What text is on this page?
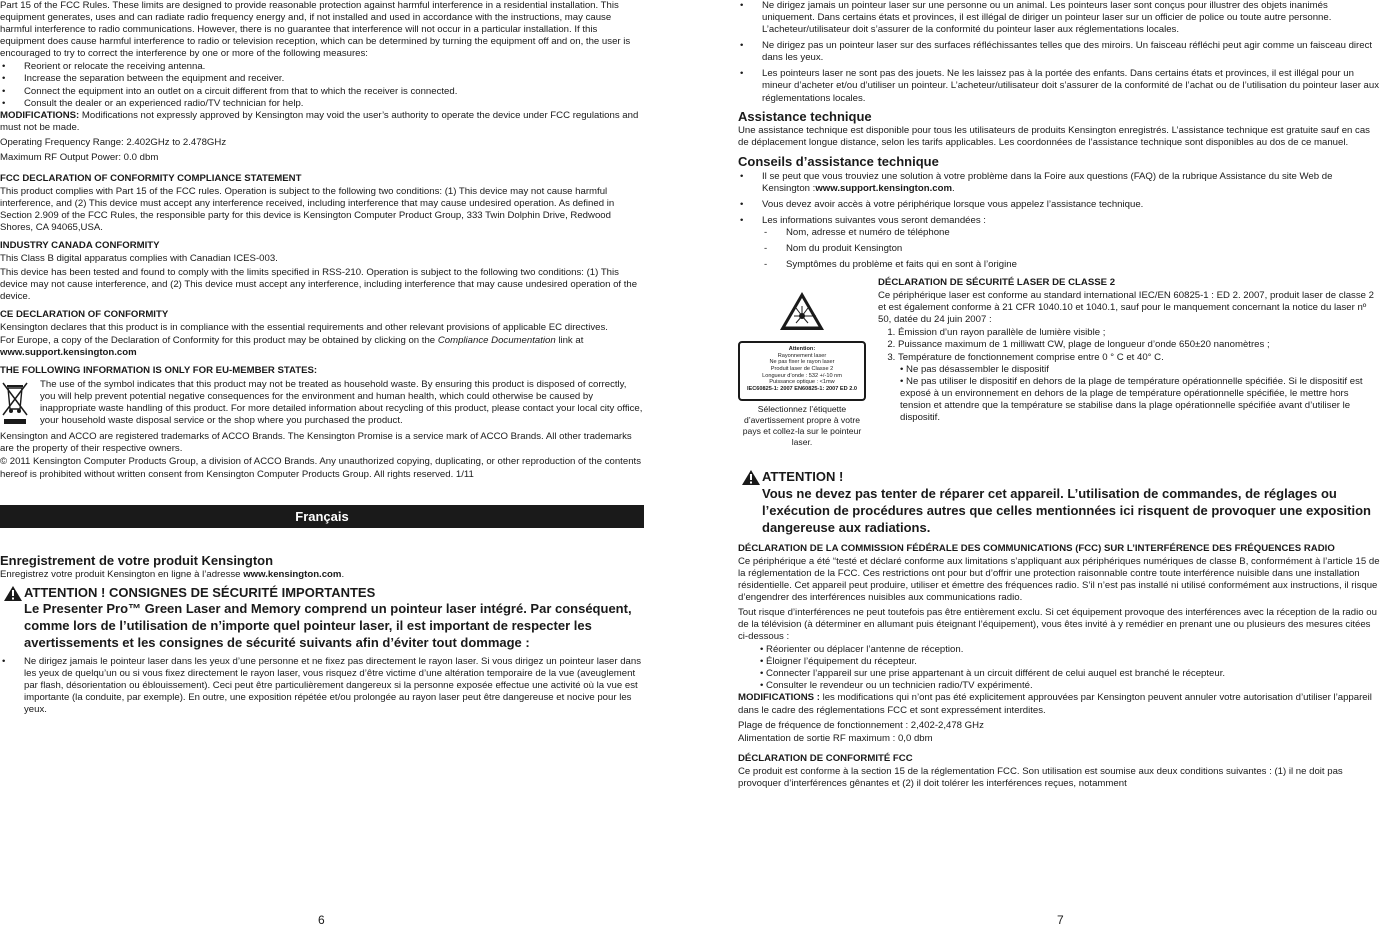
Part 15 of the FCC Rules. These limits are designed to provide reasonable protection against harmful interference in a residential installation. This equipment generates, uses and can radiate radio frequency energy and, if not installed and used in accordance with the instructions, may cause harmful interference to radio communications. However, there is no guarantee that interference will not occur in a particular installation. If this equipment does cause harmful interference to radio or television reception, which can be determined by turning the equipment off and on, the user is encouraged to try to correct the interference by one or more of the following measures:

• Reorient or relocate the receiving antenna.
• Increase the separation between the equipment and receiver.
• Connect the equipment into an outlet on a circuit different from that to which the receiver is connected.
• Consult the dealer or an experienced radio/TV technician for help.

MODIFICATIONS: Modifications not expressly approved by Kensington may void the user’s authority to operate the device under FCC regulations and must not be made.

Operating Frequency Range: 2.402GHz to 2.478GHz

Maximum RF Output Power: 0.0 dbm

FCC DECLARATION OF CONFORMITY COMPLIANCE STATEMENT

This product complies with Part 15 of the FCC rules. Operation is subject to the following two conditions: (1) This device may not cause harmful interference, and (2) This device must accept any interference received, including interference that may cause undesired operation. As defined in Section 2.909 of the FCC Rules, the responsible party for this device is Kensington Computer Product Group, 333 Twin Dolphin Drive, Redwood Shores, CA 94065,USA.

INDUSTRY CANADA CONFORMITY

This Class B digital apparatus complies with Canadian ICES-003.

This device has been tested and found to comply with the limits specified in RSS-210. Operation is subject to the following two conditions: (1) This device may not cause interference, and (2) This device must accept any interference, including interference that may cause undesired operation of the device.

CE DECLARATION OF CONFORMITY

Kensington declares that this product is in compliance with the essential requirements and other relevant provisions of applicable EC directives.

For Europe, a copy of the Declaration of Conformity for this product may be obtained by clicking on the Compliance Documentation link at www.support.kensington.com

THE FOLLOWING INFORMATION IS ONLY FOR EU-MEMBER STATES:

The use of the symbol indicates that this product may not be treated as household waste. By ensuring this product is disposed of correctly, you will help prevent potential negative consequences for the environment and human health, which could otherwise be caused by inappropriate waste handling of this product. For more detailed information about recycling of this product, please contact your local city office, your household waste disposal service or the shop where you purchased the product.

Kensington and ACCO are registered trademarks of ACCO Brands. The Kensington Promise is a service mark of ACCO Brands. All other trademarks are the property of their respective owners.

© 2011 Kensington Computer Products Group, a division of ACCO Brands. Any unauthorized copying, duplicating, or other reproduction of the contents hereof is prohibited without written consent from Kensington Computer Products Group. All rights reserved. 1/11

Français
Enregistrement de votre produit Kensington

Enregistrez votre produit Kensington en ligne à l’adresse www.kensington.com.

ATTENTION ! CONSIGNES DE SÉCURITÉ IMPORTANTES
Le Presenter Pro™ Green Laser and Memory comprend un pointeur laser intégré. Par conséquent, comme lors de l’utilisation de n’importe quel pointeur laser, il est important de respecter les avertissements et les consignes de sécurité suivants afin d’éviter tout dommage :
• Ne dirigez jamais le pointeur laser dans les yeux d’une personne et ne fixez pas directement le rayon laser. Si vous dirigez un pointeur laser dans les yeux de quelqu’un ou si vous fixez directement le rayon laser, vous risquez d’être victime d’une altération temporaire de la vue (aveuglement par flash, désorientation ou éblouissement). Ceci peut être particulièrement dangereux si la personne exposée effectue une activité où la vue est importante (la conduite, par exemple). En outre, une exposition répétée et/ou prolongée au rayon laser peut être dangereuse et nocive pour les yeux.
6
• Ne dirigez jamais un pointeur laser sur une personne ou un animal. Les pointeurs laser sont conçus pour illustrer des objets inanimés uniquement. Dans certains états et provinces, il est illégal de diriger un pointeur laser sur un officier de police ou toute autre personne. L’acheteur/utilisateur doit s’assurer de la conformité du pointeur laser aux réglementations locales.
• Ne dirigez pas un pointeur laser sur des surfaces réfléchissantes telles que des miroirs. Un faisceau réfléchi peut agir comme un faisceau direct dans les yeux.
• Les pointeurs laser ne sont pas des jouets. Ne les laissez pas à la portée des enfants. Dans certains états et provinces, il est illégal pour un mineur d’acheter et/ou d’utiliser un pointeur. L’acheteur/utilisateur doit s’assurer de la conformité de l’achat ou de l’utilisation du pointeur laser aux réglementations locales.
Assistance technique

Une assistance technique est disponible pour tous les utilisateurs de produits Kensington enregistrés. L’assistance technique est gratuite sauf en cas de déplacement longue distance, selon les tarifs applicables. Les coordonnées de l’assistance technique sont disponibles au dos de ce manuel.

Conseils d’assistance technique
• Il se peut que vous trouviez une solution à votre problème dans la Foire aux questions (FAQ) de la rubrique Assistance du site Web de Kensington :www.support.kensington.com.
• Vous devez avoir accès à votre périphérique lorsque vous appelez l’assistance technique.
• Les informations suivantes vous seront demandées :
- Nom, adresse et numéro de téléphone
- Nom du produit Kensington
- Symptômes du problème et faits qui en sont à l’origine
Attention:
Rayonnement laser
Ne pas fixer le rayon laser
Produit laser de Classe 2
Longueur d’onde : 532 +/-10 nm
Puissance optique : <1mw
IEC60825-1: 2007 EN60825-1: 2007 ED 2.0
Sélectionnez l’étiquette d’avertissement propre à votre pays et collez-la sur le pointeur laser.

DÉCLARATION DE SÉCURITÉ LASER DE CLASSE 2

Ce périphérique laser est conforme au standard international IEC/EN 60825-1 : ED 2. 2007, produit laser de classe 2 et est également conforme à 21 CFR 1040.10 et 1040.1, sauf pour le manquement concernant la notice du laser nº 50, datée du 24 juin 2007 :

1. Émission d’un rayon parallèle de lumière visible ;
2. Puissance maximum de 1 milliwatt CW, plage de longueur d’onde 650±20 nanomètres ;
3. Température de fonctionnement comprise entre 0 ° C et 40° C.
• Ne pas désassembler le dispositif
• Ne pas utiliser le dispositif en dehors de la plage de température opérationnelle spécifiée. Si le dispositif est exposé à un environnement en dehors de la plage de température opérationnelle spécifiée, le mettre hors tension et attendre que la température se stabilise dans la plage opérationnelle spécifiée avant d’utiliser le dispositif.
ATTENTION !
Vous ne devez pas tenter de réparer cet appareil. L’utilisation de commandes, de réglages ou l’exécution de procédures autres que celles mentionnées ici risquent de provoquer une exposition dangereuse aux radiations.

DÉCLARATION DE LA COMMISSION FÉDÉRALE DES COMMUNICATIONS (FCC) SUR L’INTERFÉRENCE DES FRÉQUENCES RADIO

Ce périphérique a été “testé et déclaré conforme aux limitations s’appliquant aux périphériques numériques de classe B, conformément à l’article 15 de la réglementation de la FCC. Ces restrictions ont pour but d’offrir une protection raisonnable contre toute interférence nuisible dans une installation résidentielle. Cet appareil peut produire, utiliser et émettre des fréquences radio. S’il n’est pas installé ni utilisé conformément aux instructions, il risque d’engendrer des interférences nuisibles aux communications radio.

Tout risque d’interférences ne peut toutefois pas être entièrement exclu. Si cet équipement provoque des interférences avec la réception de la radio ou de la télévision (à déterminer en allumant puis éteignant l’équipement), vous êtes invité à y remédier en prenant une ou plusieurs des mesures citées ci-dessous :

• Réorienter ou déplacer l’antenne de réception.
• Éloigner l’équipement du récepteur.
• Connecter l’appareil sur une prise appartenant à un circuit différent de celui auquel est branché le récepteur.
• Consulter le revendeur ou un technicien radio/TV expérimenté.

MODIFICATIONS : les modifications qui n’ont pas été explicitement approuvées par Kensington peuvent annuler votre autorisation d’utiliser l’appareil dans le cadre des réglementations FCC et sont expressément interdites.

Plage de fréquence de fonctionnement : 2,402-2,478 GHz

Alimentation de sortie RF maximum : 0,0 dbm

DÉCLARATION DE CONFORMITÉ FCC

Ce produit est conforme à la section 15 de la réglementation FCC. Son utilisation est soumise aux deux conditions suivantes : (1) il ne doit pas provoquer d’interférences gênantes et (2) il doit tolérer les interférences reçues, notamment

7
